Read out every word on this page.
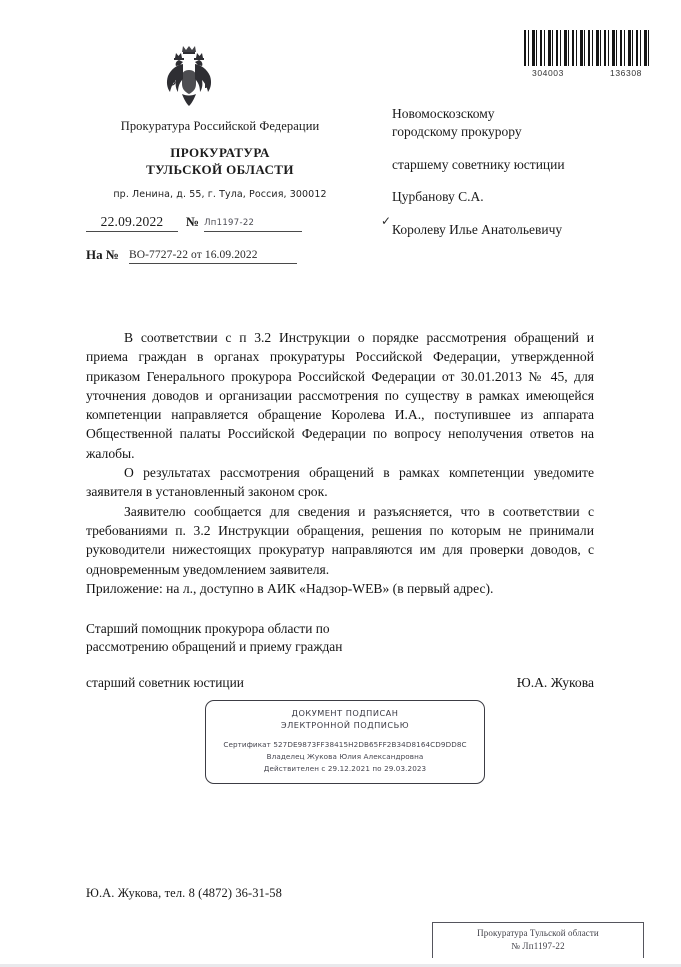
304003	136308
Прокуратура Российской Федерации
ПРОКУРАТУРА
ТУЛЬСКОЙ ОБЛАСТИ
пр. Ленина, д. 55, г. Тула, Россия, 300012
22.09.2022	№ Лп1197-22
На № ВО-7727-22 от 16.09.2022
Новомоскозскому
городскому прокурору
старшему советнику юстиции
Цурбанову С.А.
✓ Королеву Илье Анатольевичу

В соответствии с п 3.2 Инструкции о порядке рассмотрения обращений и приема граждан в органах прокуратуры Российской Федерации, утвержденной приказом Генерального прокурора Российской Федерации от 30.01.2013 № 45, для уточнения доводов и организации рассмотрения по существу в рамках имеющейся компетенции направляется обращение Королева И.А., поступившее из аппарата Общественной палаты Российской Федерации по вопросу неполучения ответов на жалобы.

О результатах рассмотрения обращений в рамках компетенции уведомите заявителя в установленный законом срок.

Заявителю сообщается для сведения и разъясняется, что в соответствии с требованиями п. 3.2 Инструкции обращения, решения по которым не принимали руководители нижестоящих прокуратур направляются им для проверки доводов, с одновременным уведомлением заявителя.

Приложение: на л., доступно в АИК «Надзор-WEB» (в первый адрес).

Старший помощник прокурора области по
рассмотрению обращений и приему граждан
старший советник юстиции	Ю.А. Жукова
ДОКУМЕНТ ПОДПИСАН
ЭЛЕКТРОННОЙ ПОДПИСЬЮ
Сертификат 527DE9873FF38415H2DB65FF2B34D8164CD9DD8C
Владелец Жукова Юлия Александровна
Действителен с 29.12.2021 по 29.03.2023
Ю.А. Жукова, тел. 8 (4872) 36-31-58
Прокуратура Тульской области
№ Лп1197-22
